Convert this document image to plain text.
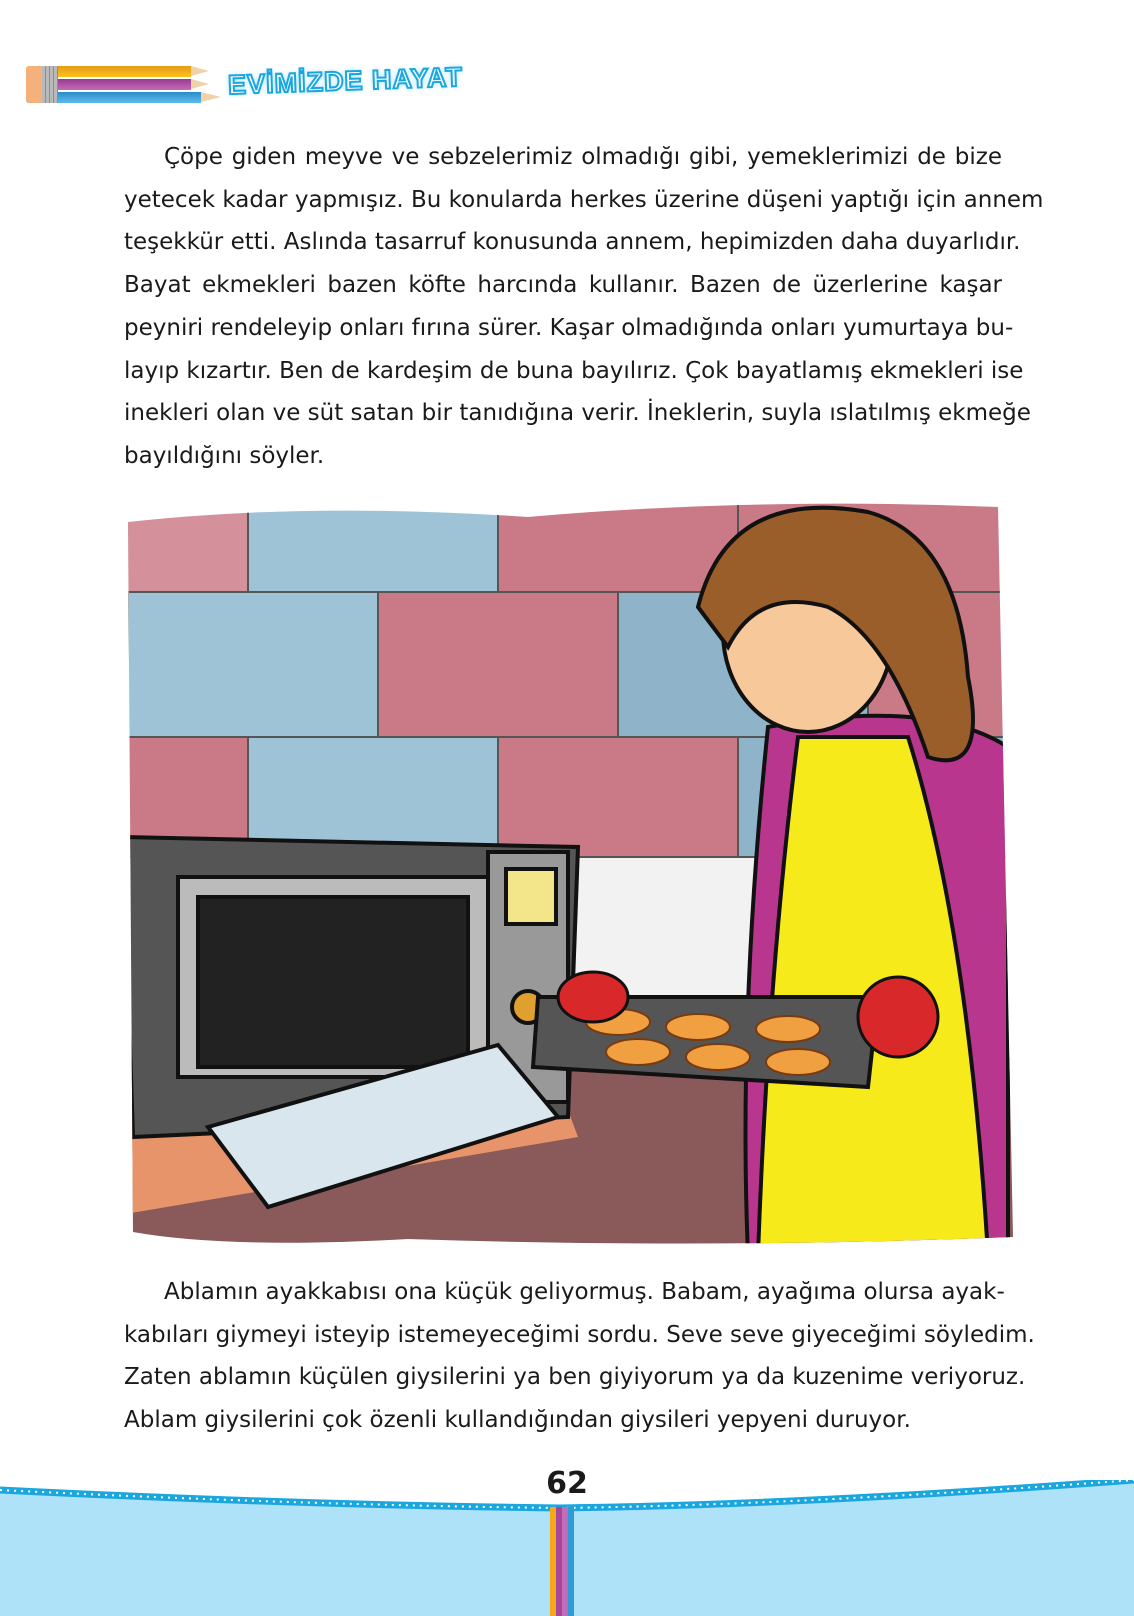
EVİMİZDE HAYAT
Çöpe giden meyve ve sebzelerimiz olmadığı gibi, yemeklerimizi de bize
yetecek kadar yapmışız. Bu konularda herkes üzerine düşeni yaptığı için annem
teşekkür etti. Aslında tasarruf konusunda annem, hepimizden daha duyarlıdır.
Bayat ekmekleri bazen köfte harcında kullanır. Bazen de üzerlerine kaşar
peyniri rendeleyip onları fırına sürer. Kaşar olmadığında onları yumurtaya bu-
layıp kızartır. Ben de kardeşim de buna bayılırız. Çok bayatlamış ekmekleri ise
inekleri olan ve süt satan bir tanıdığına verir. İneklerin, suyla ıslatılmış ekmeğe
bayıldığını söyler.
Ablamın ayakkabısı ona küçük geliyormuş. Babam, ayağıma olursa ayak-
kabıları giymeyi isteyip istemeyeceğimi sordu. Seve seve giyeceğimi söyledim.
Zaten ablamın küçülen giysilerini ya ben giyiyorum ya da kuzenime veriyoruz.
Ablam giysilerini çok özenli kullandığından giysileri yepyeni duruyor.
62
